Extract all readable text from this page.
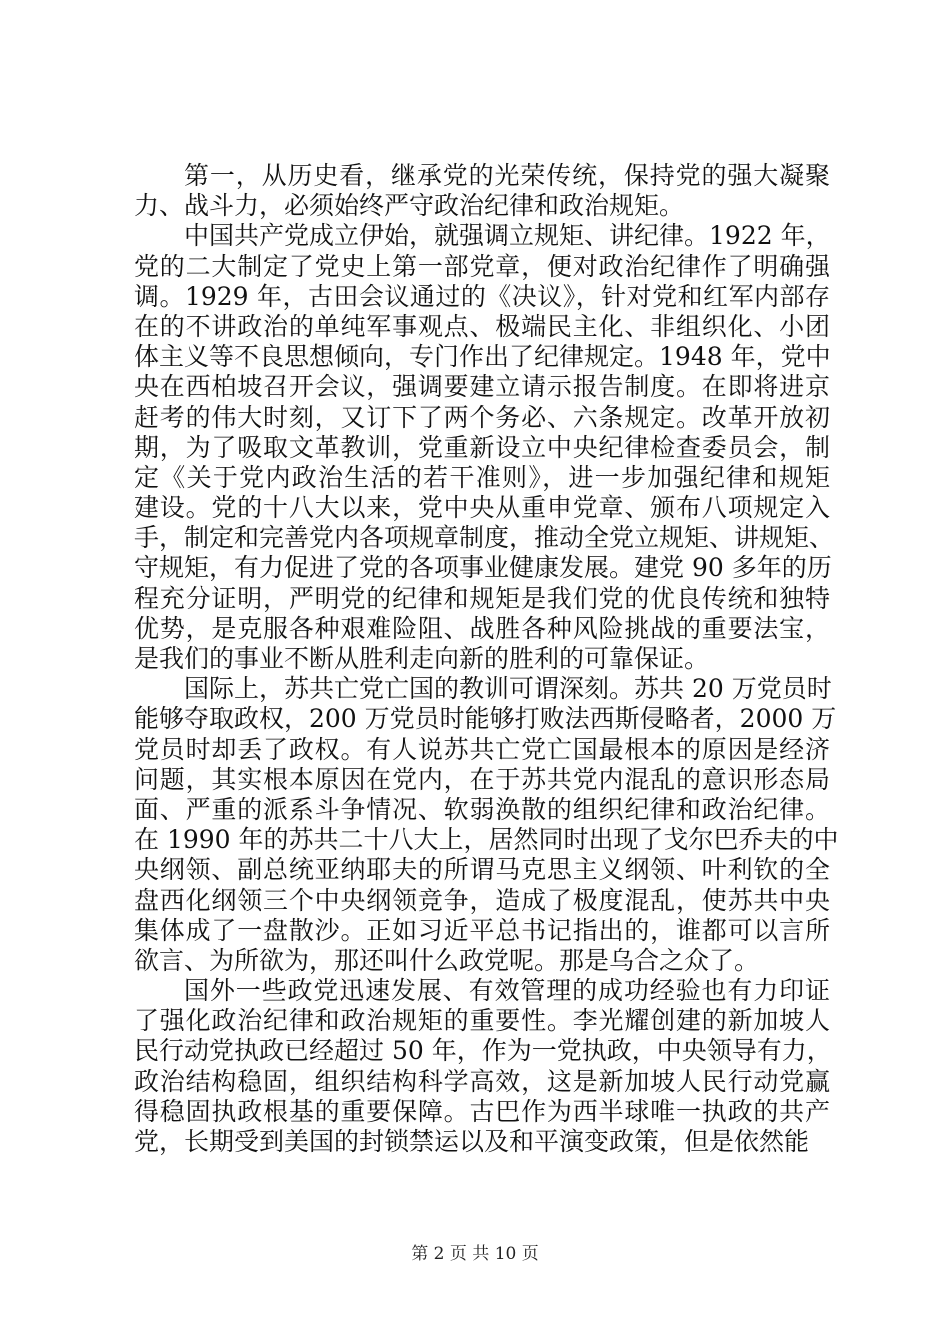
第一，从历史看，继承党的光荣传统，保持党的强大凝聚
力、战斗力，必须始终严守政治纪律和政治规矩。
中国共产党成立伊始，就强调立规矩、讲纪律。1922 年，
党的二大制定了党史上第一部党章，便对政治纪律作了明确强
调。1929 年，古田会议通过的《决议》，针对党和红军内部存
在的不讲政治的单纯军事观点、极端民主化、非组织化、小团
体主义等不良思想倾向，专门作出了纪律规定。1948 年，党中
央在西柏坡召开会议，强调要建立请示报告制度。在即将进京
赶考的伟大时刻，又订下了两个务必、六条规定。改革开放初
期，为了吸取文革教训，党重新设立中央纪律检查委员会，制
定《关于党内政治生活的若干准则》，进一步加强纪律和规矩
建设。党的十八大以来，党中央从重申党章、颁布八项规定入
手，制定和完善党内各项规章制度，推动全党立规矩、讲规矩、
守规矩，有力促进了党的各项事业健康发展。建党 90 多年的历
程充分证明，严明党的纪律和规矩是我们党的优良传统和独特
优势，是克服各种艰难险阻、战胜各种风险挑战的重要法宝，
是我们的事业不断从胜利走向新的胜利的可靠保证。
国际上，苏共亡党亡国的教训可谓深刻。苏共 20 万党员时
能够夺取政权，200 万党员时能够打败法西斯侵略者，2000 万
党员时却丢了政权。有人说苏共亡党亡国最根本的原因是经济
问题，其实根本原因在党内，在于苏共党内混乱的意识形态局
面、严重的派系斗争情况、软弱涣散的组织纪律和政治纪律。
在 1990 年的苏共二十八大上，居然同时出现了戈尔巴乔夫的中
央纲领、副总统亚纳耶夫的所谓马克思主义纲领、叶利钦的全
盘西化纲领三个中央纲领竞争，造成了极度混乱，使苏共中央
集体成了一盘散沙。正如习近平总书记指出的，谁都可以言所
欲言、为所欲为，那还叫什么政党呢。那是乌合之众了。
国外一些政党迅速发展、有效管理的成功经验也有力印证
了强化政治纪律和政治规矩的重要性。李光耀创建的新加坡人
民行动党执政已经超过 50 年，作为一党执政，中央领导有力，
政治结构稳固，组织结构科学高效，这是新加坡人民行动党赢
得稳固执政根基的重要保障。古巴作为西半球唯一执政的共产
党，长期受到美国的封锁禁运以及和平演变政策，但是依然能
第 2 页 共 10 页
